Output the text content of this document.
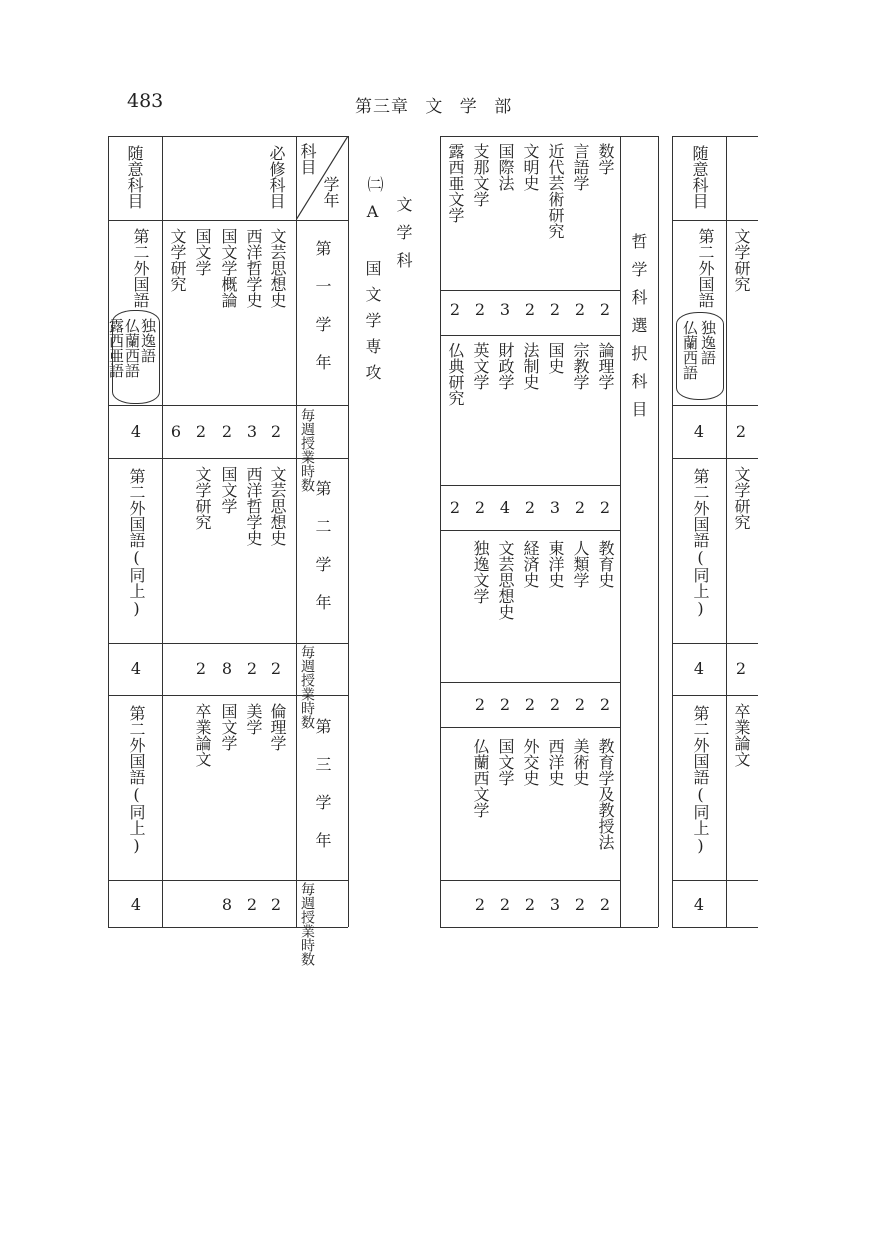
483	第三章 文 学 部
学年
科目
必修科目
随意科目
第一学年
第二学年
第三学年
毎週授業時数
毎週授業時数
毎週授業時数
文芸思想史
西洋哲学史
国文学概論
国文学
文学研究
2
3
2
2
6
文芸思想史
西洋哲学史
国文学
文学研究
2
2
8
2
倫理学
美学
国文学
卒業論文
2
2
8
第二外国語
独逸語
仏蘭西語
露西亜語
4
第二外国語(同上)
4
第二外国語(同上)
4
㈡
文学科
A 国文学専攻	哲学科選択科目
数学
言語学
近代芸術研究
文明史
国際法
支那文学
露西亜文学
2
2
2
2
3
2
2
論理学
宗教学
国史
法制史
財政学
英文学
仏典研究
2
2
3
2
4
2
2
教育史
人類学
東洋史
経済史
文芸思想史
独逸文学
2
2
2
2
2
2
教育学及教授法
美術史
西洋史
外交史
国文学
仏蘭西文学
2
2
3
2
2
2
随意科目
文学研究
文学研究
卒業論文
2
2
第二外国語
独逸語
仏蘭西語
4
第二外国語(同上)
4
第二外国語(同上)
4
